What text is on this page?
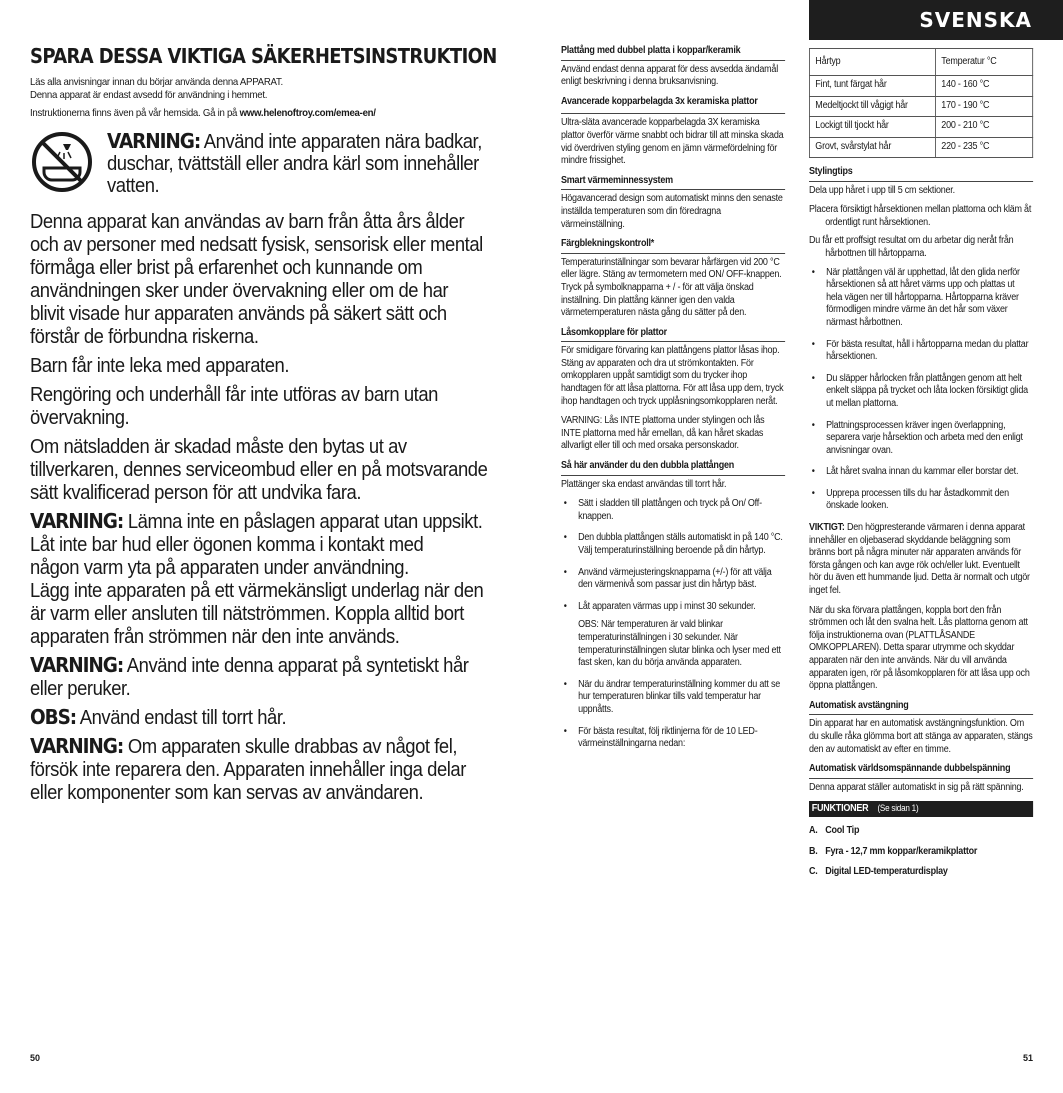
SVENSKA
SPARA DESSA VIKTIGA SÄKERHETSINSTRUKTION
Läs alla anvisningar innan du börjar använda denna APPARAT.
Denna apparat är endast avsedd för användning i hemmet.
Instruktionerna finns även på vår hemsida. Gå in på www.helenoftroy.com/emea-en/
VARNING: Använd inte apparaten nära badkar,
duschar, tvättställ eller andra kärl som innehåller
vatten.
Denna apparat kan användas av barn från åtta års ålder
och av personer med nedsatt fysisk, sensorisk eller mental
förmåga eller brist på erfarenhet och kunnande om
användningen sker under övervakning eller om de har
blivit visade hur apparaten används på säkert sätt och
förstår de förbundna riskerna.
Barn får inte leka med apparaten.
Rengöring och underhåll får inte utföras av barn utan
övervakning.
Om nätsladden är skadad måste den bytas ut av
tillverkaren, dennes serviceombud eller en på motsvarande
sätt kvalificerad person för att undvika fara.
VARNING: Lämna inte en påslagen apparat utan uppsikt.
Låt inte bar hud eller ögonen komma i kontakt med
någon varm yta på apparaten under användning.
Lägg inte apparaten på ett värmekänsligt underlag när den
är varm eller ansluten till nätströmmen. Koppla alltid bort
apparaten från strömmen när den inte används.
VARNING: Använd inte denna apparat på syntetiskt hår
eller peruker.
OBS: Använd endast till torrt hår.
VARNING: Om apparaten skulle drabbas av något fel,
försök inte reparera den. Apparaten innehåller inga delar
eller komponenter som kan servas av användaren.
Plattång med dubbel platta i koppar/keramik

Använd endast denna apparat för dess avsedda ändamål enligt beskrivning i denna bruksanvisning.

Avancerade kopparbelagda 3x keramiska plattor

Ultra-släta avancerade kopparbelagda 3X keramiska plattor överför värme snabbt och bidrar till att minska skada vid överdriven styling genom en jämn värmefördelning för mindre frissighet.

Smart värmeminnessystem

Högavancerad design som automatiskt minns den senaste inställda temperaturen som din föredragna värmeinställning.

Färgblekningskontroll*

Temperaturinställningar som bevarar hårfärgen vid 200 °C eller lägre. Stäng av termometern med ON/ OFF-knappen. Tryck på symbolknapparna + / - för att välja önskad inställning. Din plattång känner igen den valda värmetemperaturen nästa gång du sätter på den.

Låsomkopplare för plattor

För smidigare förvaring kan plattångens plattor låsas ihop. Stäng av apparaten och dra ut strömkontakten. För omkopplaren uppåt samtidigt som du trycker ihop handtagen för att låsa plattorna. För att låsa upp dem, tryck ihop handtagen och tryck upplåsningsomkopplaren neråt.

VARNING: Lås INTE plattorna under stylingen och lås INTE plattorna med hår emellan, då kan håret skadas allvarligt eller till och med orsaka personskador.

Så här använder du den dubbla plattången

Plattänger ska endast användas till torrt hår.

• Sätt i sladden till plattången och tryck på On/ Off-knappen.
• Den dubbla plattången ställs automatiskt in på 140 °C. Välj temperaturinställning beroende på din hårtyp.
• Använd värmejusteringsknapparna (+/-) för att välja den värmenivå som passar just din hårtyp bäst.
• Låt apparaten värmas upp i minst 30 sekunder.
OBS: När temperaturen är vald blinkar temperaturinställningen i 30 sekunder. När temperaturinställningen slutar blinka och lyser med ett fast sken, kan du börja använda apparaten.
• När du ändrar temperaturinställning kommer du att se hur temperaturen blinkar tills vald temperatur har uppnåtts.
• För bästa resultat, följ riktlinjerna för de 10 LED-värmeinställningarna nedan:
Hårtyp	Temperatur °C
Fint, tunt färgat hår	140 - 160 °C
Medeltjockt till vågigt hår	170 - 190 °C
Lockigt till tjockt hår	200 - 210 °C
Grovt, svårstylat hår	220 - 235 °C
Stylingtips

Dela upp håret i upp till 5 cm sektioner.

Placera försiktigt hårsektionen mellan plattorna och kläm åt ordentligt runt hårsektionen.

Du får ett proffsigt resultat om du arbetar dig neråt från hårbottnen till hårtopparna.

• När plattången väl är upphettad, låt den glida nerför hårsektionen så att håret värms upp och plattas ut hela vägen ner till hårtopparna. Hårtopparna kräver förmodligen mindre värme än det hår som växer närmast hårbottnen.
• För bästa resultat, håll i hårtopparna medan du plattar hårsektionen.
• Du släpper hårlocken från plattången genom att helt enkelt släppa på trycket och låta locken försiktigt glida ut mellan plattorna.
• Plattningsprocessen kräver ingen överlappning, separera varje hårsektion och arbeta med den enligt anvisningar ovan.
• Låt håret svalna innan du kammar eller borstar det.
• Upprepa processen tills du har åstadkommit den önskade looken.

VIKTIGT: Den högpresterande värmaren i denna apparat innehåller en oljebaserad skyddande beläggning som bränns bort på några minuter när apparaten används för första gången och kan avge rök och/eller lukt. Eventuellt hör du även ett hummande ljud. Detta är normalt och utgör inget fel.

När du ska förvara plattången, koppla bort den från strömmen och låt den svalna helt. Lås plattorna genom att följa instruktionerna ovan (PLATTLÅSANDE OMKOPPLAREN). Detta sparar utrymme och skyddar apparaten när den inte används. När du vill använda apparaten igen, rör på låsomkopplaren för att låsa upp och öppna plattången.

Automatisk avstängning

Din apparat har en automatisk avstängningsfunktion. Om du skulle råka glömma bort att stänga av apparaten, stängs den av automatiskt av efter en timme.

Automatisk världsomspännande dubbelspänning

Denna apparat ställer automatiskt in sig på rätt spänning.

FUNKTIONER (Se sidan 1)
A. Cool Tip
B. Fyra - 12,7 mm koppar/keramikplattor
C. Digital LED-temperaturdisplay
50	51
